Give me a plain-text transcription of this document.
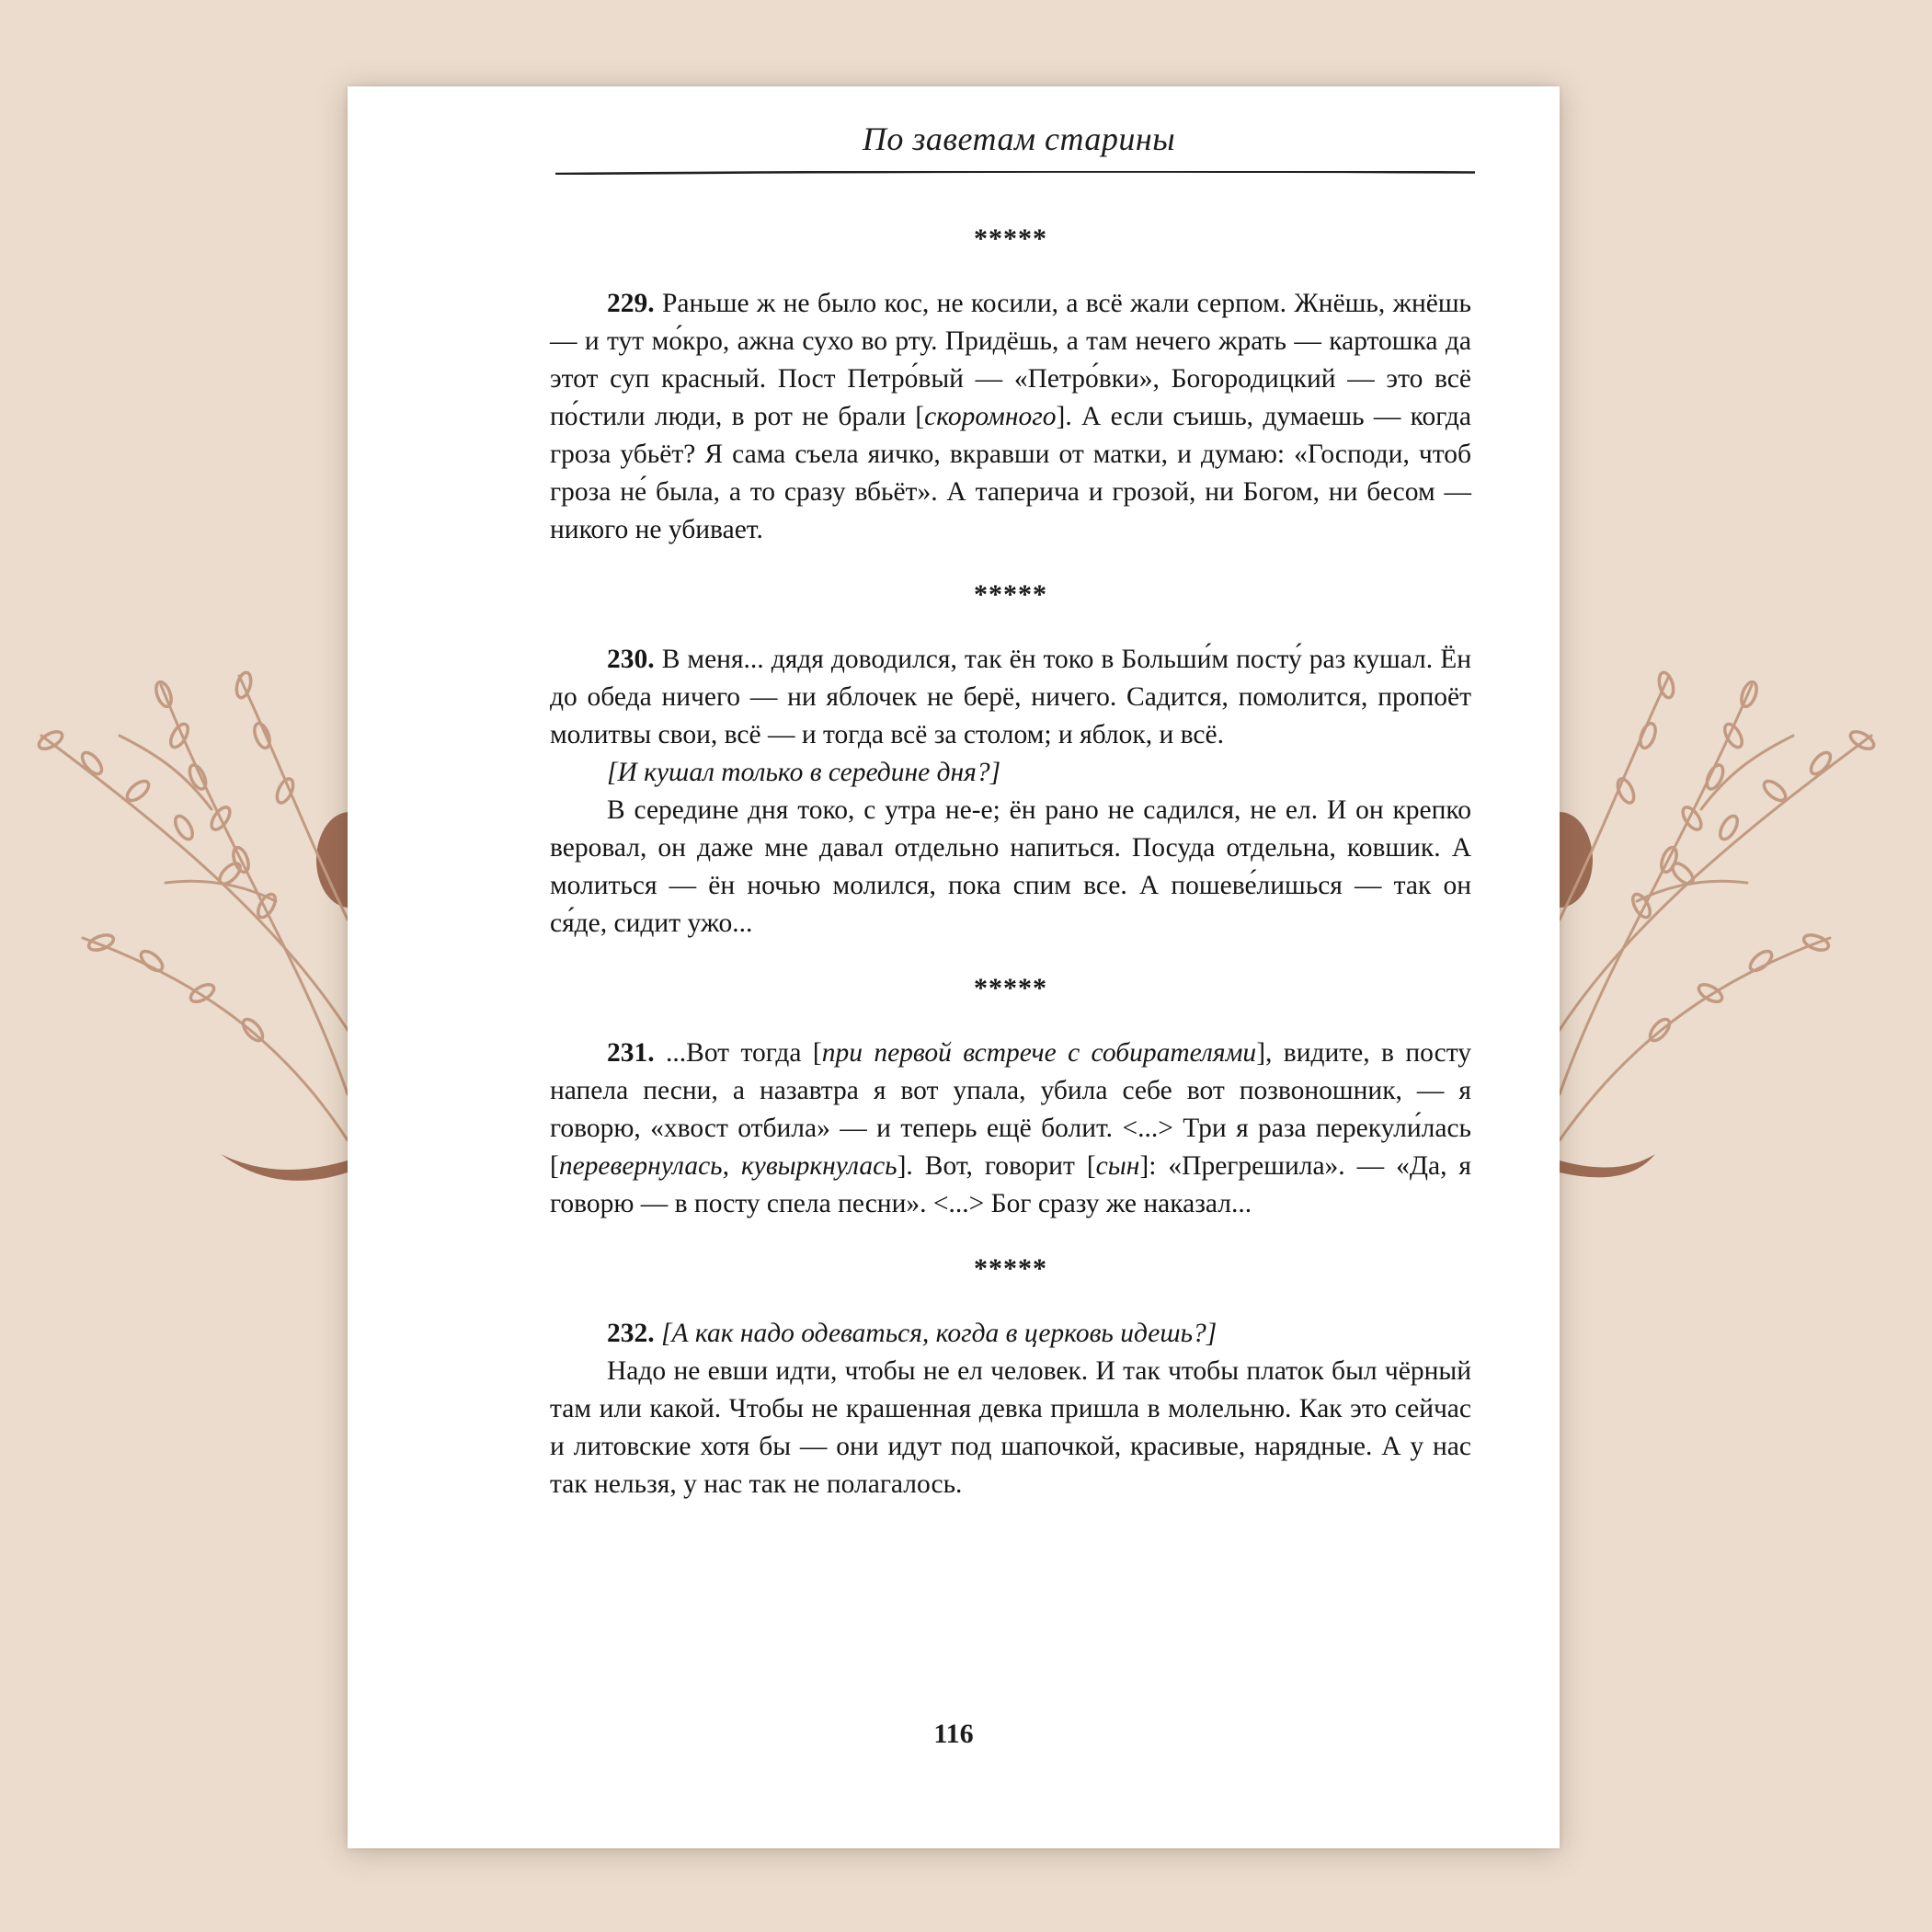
По заветам старины
*****

229. Раньше ж не было кос, не косили, а всё жали серпом. Жнёшь, жнёшь — и тут мо́кро, ажна сухо во рту. Придёшь, а там нечего жрать — картошка да этот суп красный. Пост Петро́вый — «Петро́вки», Богородицкий — это всё по́стили люди, в рот не брали [скоромного]. А если съишь, думаешь — когда гроза убьёт? Я сама съела яичко, вкравши от матки, и думаю: «Господи, чтоб гроза не́ была, а то сразу вбьёт». А таперича и грозой, ни Богом, ни бесом — никого не убивает.

*****

230. В меня... дядя доводился, так ён токо в Больши́м посту́ раз кушал. Ён до обеда ничего — ни яблочек не берё, ничего. Садится, помолится, пропоёт молитвы свои, всё — и тогда всё за столом; и яблок, и всё.

[И кушал только в середине дня?]

В середине дня токо, с утра не-е; ён рано не садился, не ел. И он крепко веровал, он даже мне давал отдельно напиться. Посуда отдельна, ковшик. А молиться — ён ночью молился, пока спим все. А пошеве́лишься — так он ся́де, сидит ужо...

*****

231. ...Вот тогда [при первой встрече с собирателями], видите, в посту напела песни, а назавтра я вот упала, убила себе вот позвоношник, — я говорю, «хвост отбила» — и теперь ещё болит. <...> Три я раза перекули́лась [перевернулась, кувыркнулась]. Вот, говорит [сын]: «Прегрешила». — «Да, я говорю — в посту спела песни». <...> Бог сразу же наказал...

*****

232. [А как надо одеваться, когда в церковь идешь?]

Надо не евши идти, чтобы не ел человек. И так чтобы платок был чёрный там или какой. Чтобы не крашенная девка пришла в молельню. Как это сейчас и литовские хотя бы — они идут под шапочкой, красивые, нарядные. А у нас так нельзя, у нас так не полагалось.

116
